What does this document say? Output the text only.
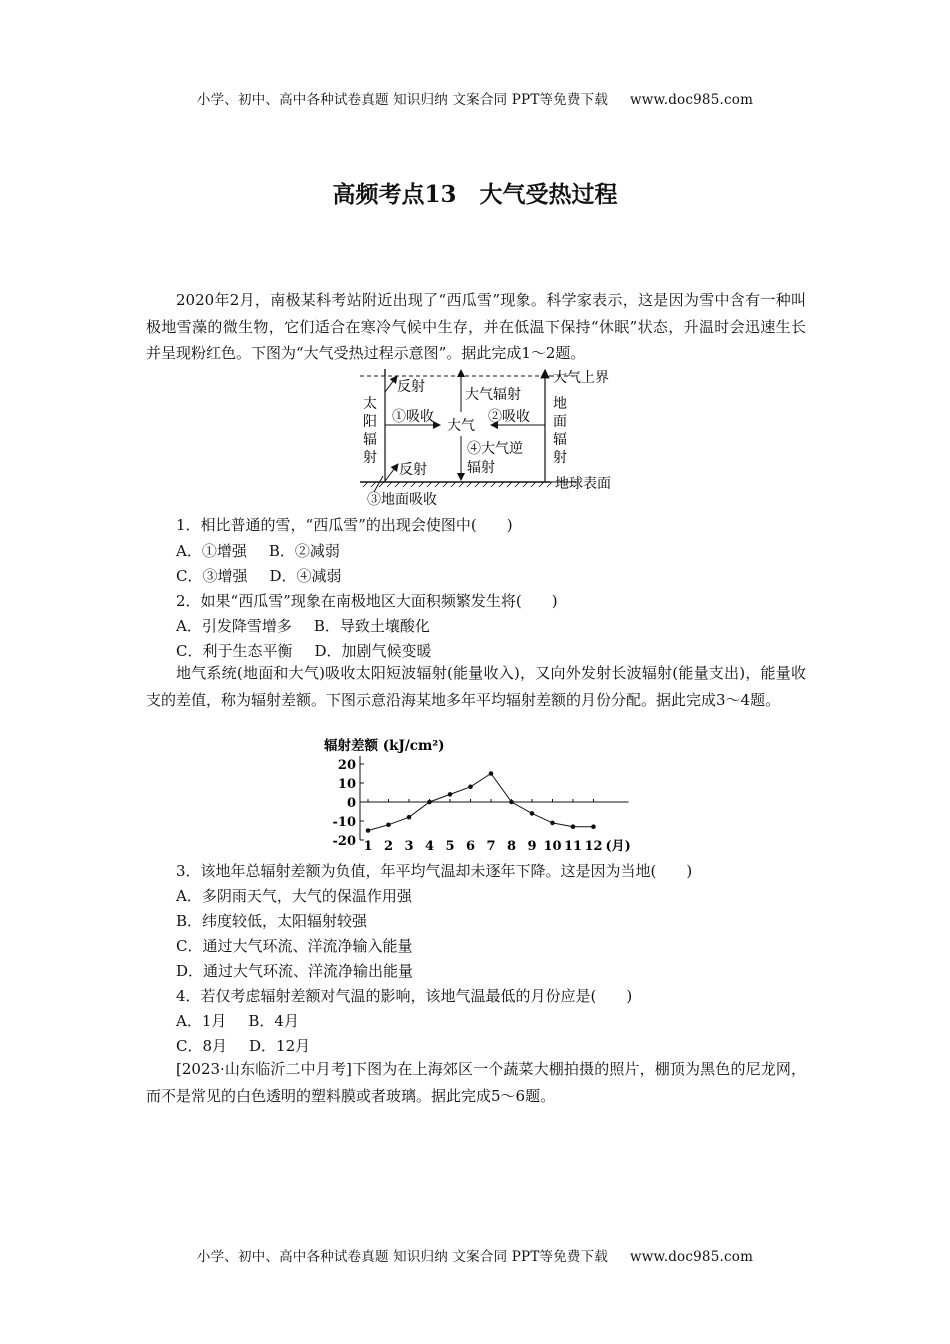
小学、初中、高中各种试卷真题 知识归纳 文案合同 PPT等免费下载 www.doc985.com
高频考点13　大气受热过程
2020年2月，南极某科考站附近出现了“西瓜雪”现象。科学家表示，这是因为雪中含有一种叫极地雪藻的微生物，它们适合在寒冷气候中生存，并在低温下保持“休眠”状态，升温时会迅速生长并呈现粉红色。下图为“大气受热过程示意图”。据此完成1～2题。
大气上界
地球表面
太
阳
辐
射
反射
反射
①吸收	②吸收
大气
大气辐射
④大气逆
辐射
地
面
辐
射
③地面吸收
1．相比普通的雪，“西瓜雪”的出现会使图中(　　)
A．①增强 B．②减弱
C．③增强 D．④减弱
2．如果“西瓜雪”现象在南极地区大面积频繁发生将(　　)
A．引发降雪增多 B．导致土壤酸化
C．利于生态平衡 D．加剧气候变暖
地气系统(地面和大气)吸收太阳短波辐射(能量收入)，又向外发射长波辐射(能量支出)，能量收支的差值，称为辐射差额。下图示意沿海某地多年平均辐射差额的月份分配。据此完成3～4题。
辐射差额 (kJ/cm²)
20
10
0
-10
-20 1 2 3 4 5 6 7 8 9 10 11 12 (月)
3．该地年总辐射差额为负值，年平均气温却未逐年下降。这是因为当地(　　)
A．多阴雨天气，大气的保温作用强
B．纬度较低，太阳辐射较强
C．通过大气环流、洋流净输入能量
D．通过大气环流、洋流净输出能量
4．若仅考虑辐射差额对气温的影响，该地气温最低的月份应是(　　)
A．1月 B．4月
C．8月 D．12月
[2023·山东临沂二中月考]下图为在上海郊区一个蔬菜大棚拍摄的照片，棚顶为黑色的尼龙网，而不是常见的白色透明的塑料膜或者玻璃。据此完成5～6题。
小学、初中、高中各种试卷真题 知识归纳 文案合同 PPT等免费下载 www.doc985.com
